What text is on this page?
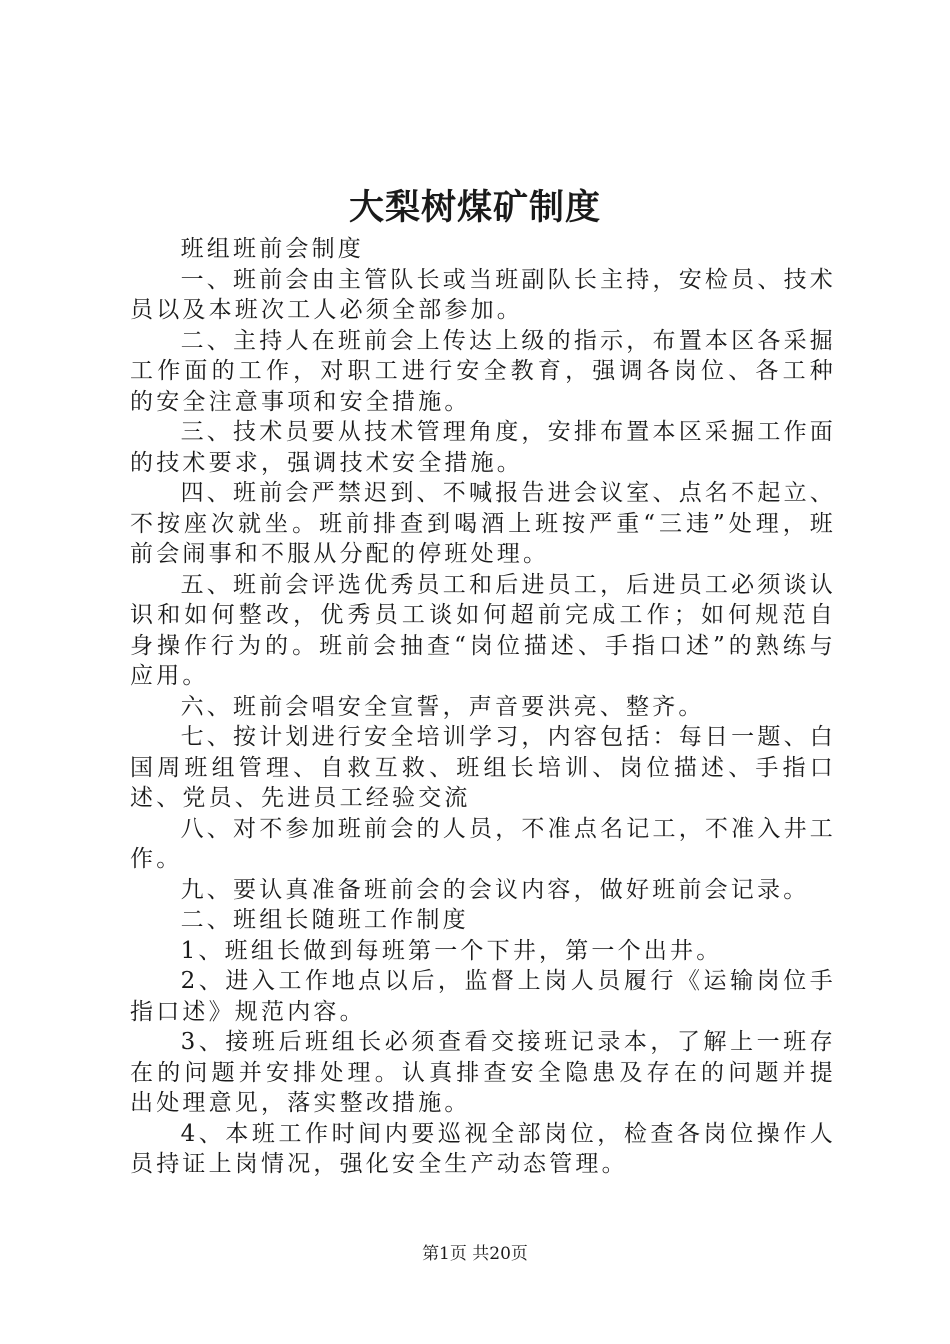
大梨树煤矿制度

班组班前会制度

一、班前会由主管队长或当班副队长主持，安检员、技术员以及本班次工人必须全部参加。

二、主持人在班前会上传达上级的指示，布置本区各采掘工作面的工作，对职工进行安全教育，强调各岗位、各工种的安全注意事项和安全措施。

三、技术员要从技术管理角度，安排布置本区采掘工作面的技术要求，强调技术安全措施。

四、班前会严禁迟到、不喊报告进会议室、点名不起立、不按座次就坐。班前排查到喝酒上班按严重“三违”处理，班前会闹事和不服从分配的停班处理。

五、班前会评选优秀员工和后进员工，后进员工必须谈认识和如何整改，优秀员工谈如何超前完成工作；如何规范自身操作行为的。班前会抽查“岗位描述、手指口述”的熟练与应用。

六、班前会唱安全宣誓，声音要洪亮、整齐。

七、按计划进行安全培训学习，内容包括：每日一题、白国周班组管理、自救互救、班组长培训、岗位描述、手指口述、党员、先进员工经验交流

八、对不参加班前会的人员，不准点名记工，不准入井工作。

九、要认真准备班前会的会议内容，做好班前会记录。

二、班组长随班工作制度

1、班组长做到每班第一个下井，第一个出井。

2、进入工作地点以后，监督上岗人员履行《运输岗位手指口述》规范内容。

3、接班后班组长必须查看交接班记录本，了解上一班存在的问题并安排处理。认真排查安全隐患及存在的问题并提出处理意见，落实整改措施。

4、本班工作时间内要巡视全部岗位，检查各岗位操作人员持证上岗情况，强化安全生产动态管理。

第1页 共20页
